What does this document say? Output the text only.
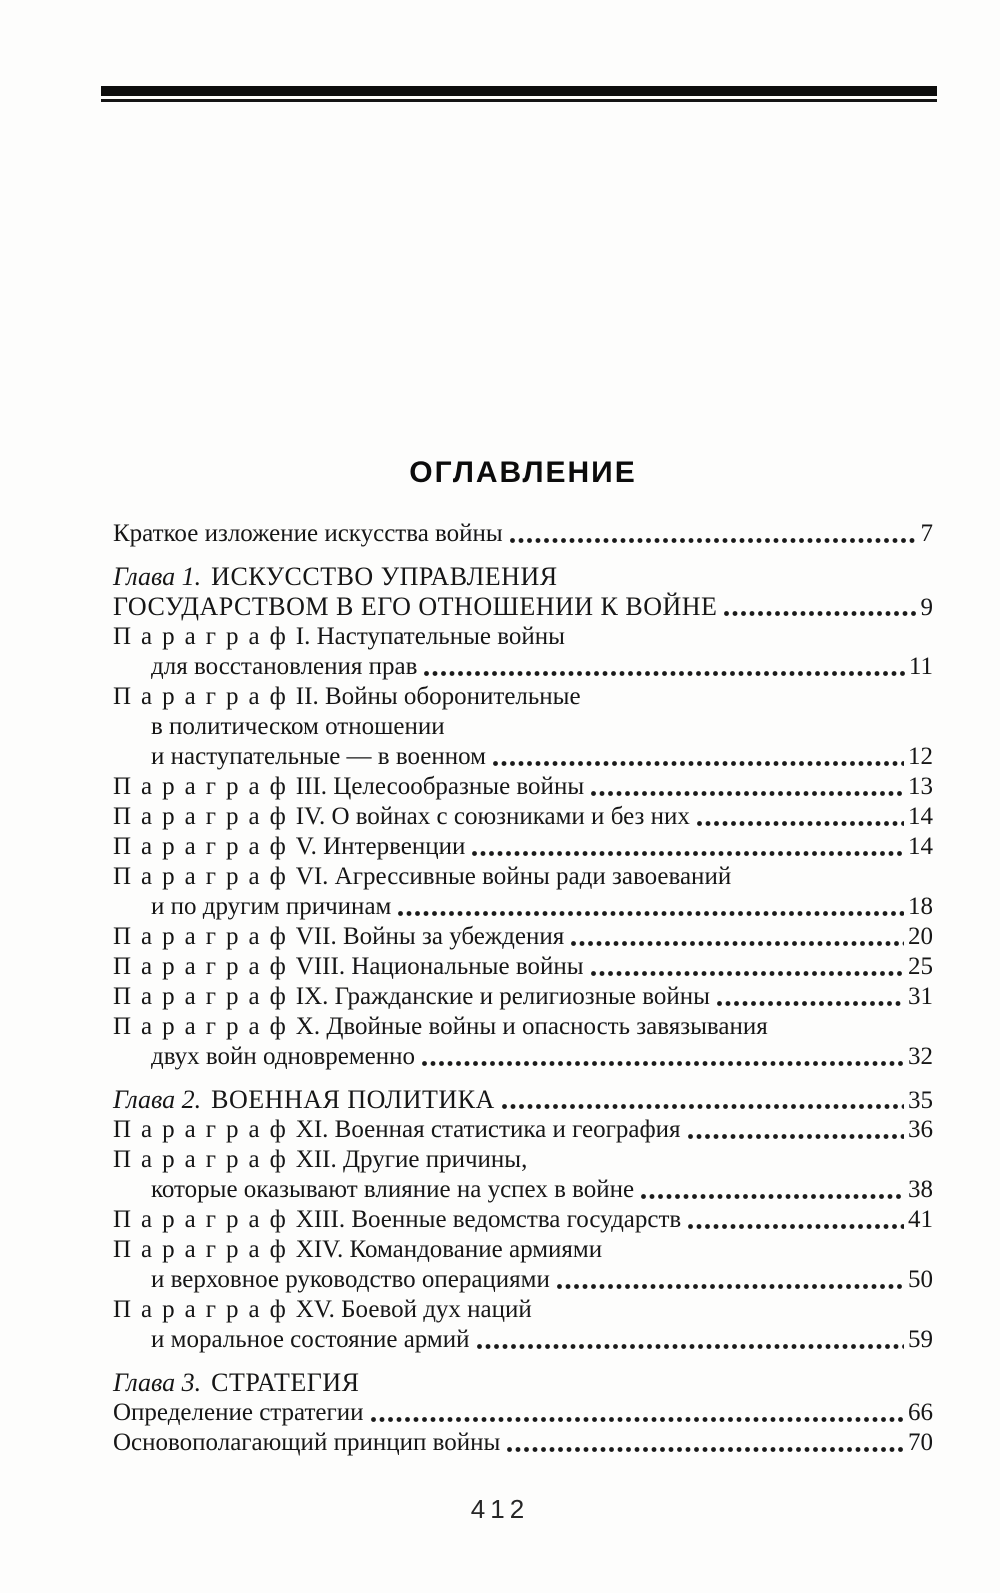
ОГЛАВЛЕНИЕ
Краткое изложение искусства войны	7
Глава 1. ИСКУССТВО УПРАВЛЕНИЯ
ГОСУДАРСТВОМ В ЕГО ОТНОШЕНИИ К ВОЙНЕ	9
Параграф I. Наступательные войны
для восстановления прав	11
Параграф II. Войны оборонительные
в политическом отношении
и наступательные — в военном	12
Параграф III. Целесообразные войны	13
Параграф IV. О войнах с союзниками и без них	14
Параграф V. Интервенции	14
Параграф VI. Агрессивные войны ради завоеваний
и по другим причинам	18
Параграф VII. Войны за убеждения	20
Параграф VIII. Национальные войны	25
Параграф IX. Гражданские и религиозные войны	31
Параграф X. Двойные войны и опасность завязывания
двух войн одновременно	32
Глава 2. ВОЕННАЯ ПОЛИТИКА	35
Параграф XI. Военная статистика и география	36
Параграф XII. Другие причины,
которые оказывают влияние на успех в войне	38
Параграф XIII. Военные ведомства государств	41
Параграф XIV. Командование армиями
и верховное руководство операциями	50
Параграф XV. Боевой дух наций
и моральное состояние армий	59
Глава 3. СТРАТЕГИЯ
Определение стратегии	66
Основополагающий принцип войны	70
412
